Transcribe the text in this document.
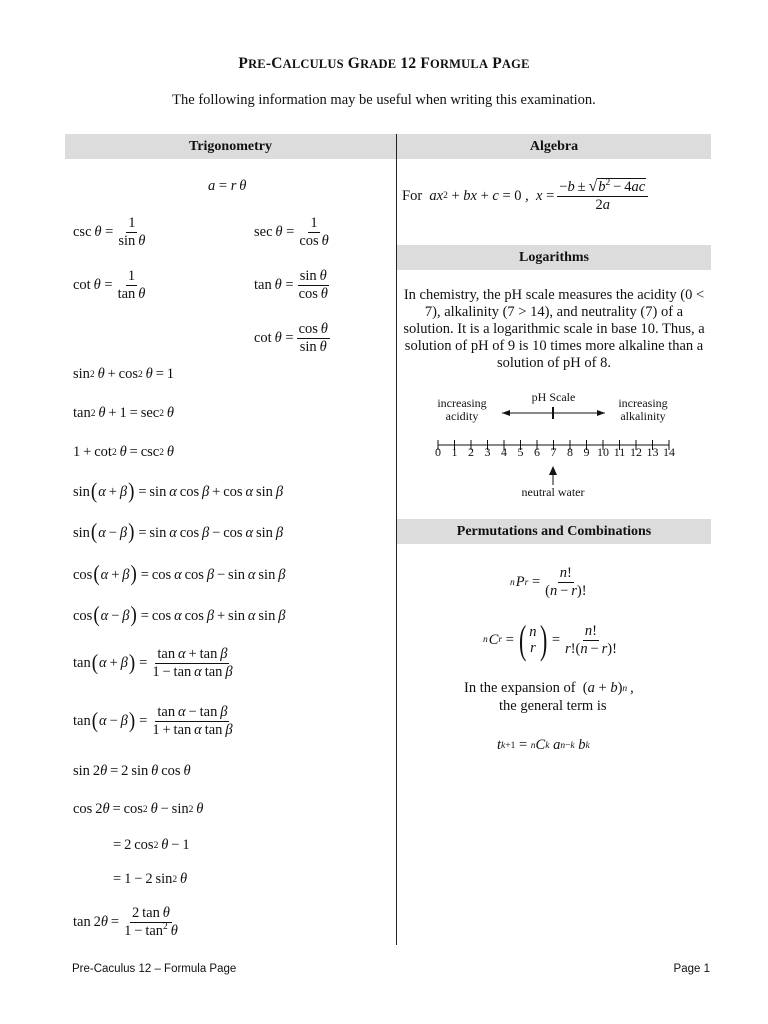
PRE-CALCULUS GRADE 12 FORMULA PAGE
The following information may be useful when writing this examination.
Trigonometry	Algebra
Logarithms
Permutations and Combinations
a = r θ
$\csc \theta = \frac{1}{\text{sin θ}}$	$\sec \theta = \frac{1}{\text{cos θ}}$
$\cot \theta = \frac{1}{\text{tan θ}}$	$\tan \theta = \frac{\text{sin θ}}{\text{cos θ}}$
$\cot \theta = \frac{\text{cos θ}}{\text{sin θ}}$
sin 2
  θ  + cos 2
  θ  = 1
tan 2
  θ  + 1 = sec 2
  θ
1 + cot 2
  θ  = csc 2
  θ
sin ( α  +  β )  = sin  α  cos  β  + cos  α  sin  β
sin ( α  −  β )  = sin  α  cos  β  − cos  α  sin  β
cos ( α  +  β )  = cos  α  cos  β  − sin  α  sin  β
cos ( α  −  β )  = cos  α  cos  β  + sin  α  sin  β
tan ( α  +  β )  = $\frac{\text{tan α + tan β}}{\text{1 − tan α tan β}}$
tan ( α  −  β )  = $\frac{\text{tan α − tan β}}{\text{1 + tan α tan β}}$
sin 2 θ  = 2 sin  θ  cos  θ
cos 2 θ  = cos 2
  θ  − sin 2
  θ
= 2 cos 2
  θ  − 1
= 1 − 2 sin 2
  θ
tan 2 $\theta = \frac{\text{2 tan θ}}{1 - \tan^2 \theta}$
For ax 2 + bx + c = 0 , $x = \frac{-b \pm √b^2 - 4ac}{2a}$
In chemistry, the pH scale measures the acidity (0 < 7), alkalinity (7 > 14), and neutrality (7) of a solution. It is a logarithmic scale in base 10. Thus, a solution of pH of 9 is 10 times more alkaline than a solution of pH of 8.
increasing
acidity
pH Scale	increasing
alkalinity
0 1 2 3 4 5 6 7 8 9 10 11 12 13 14
neutral water
n P $r = \frac{n!}{(n - r)!}$
n C r = ( n
r ) = $\frac{n!}{r!(n - r)!}$
In the expansion of ( a + b ) n  ,
the general term is
t k+1 = n C k
a n−k
b k
Pre-Caculus 12 – Formula Page	Page 1
